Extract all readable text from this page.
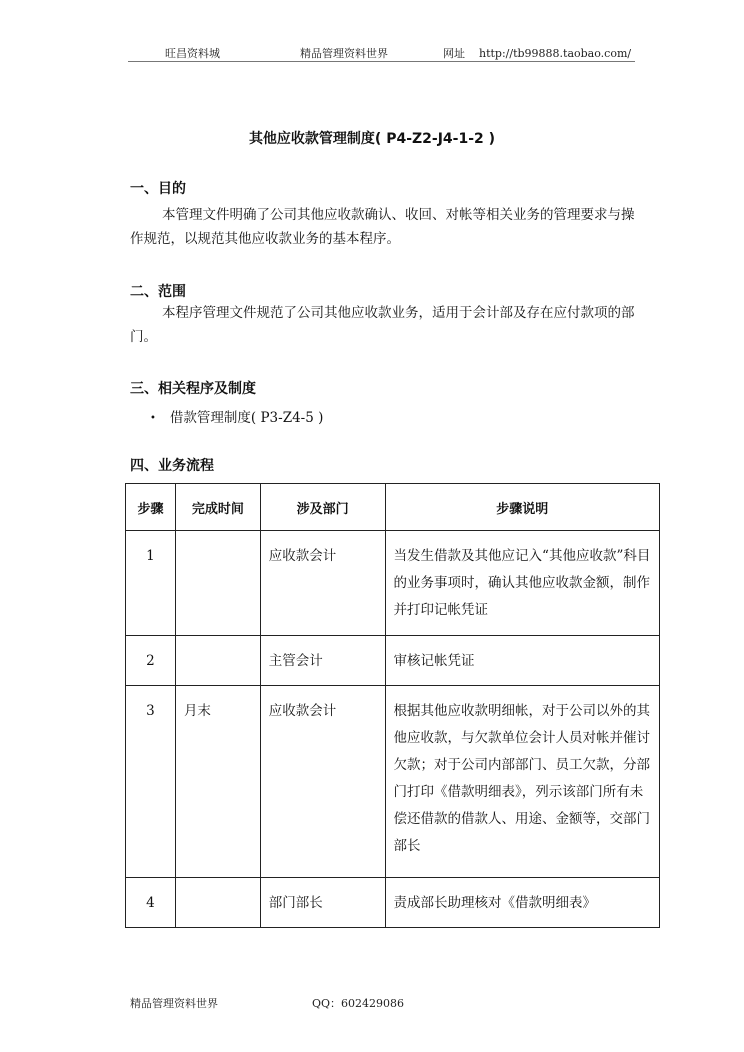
旺昌资料城	精品管理资料世界	网址 http://tb99888.taobao.com/
其他应收款管理制度( P4-Z2-J4-1-2 )
一、目的
本管理文件明确了公司其他应收款确认、收回、对帐等相关业务的管理要求与操作规范，以规范其他应收款业务的基本程序。
二、范围
本程序管理文件规范了公司其他应收款业务，适用于会计部及存在应付款项的部门。
三、相关程序及制度
• 借款管理制度( P3-Z4-5 )
四、业务流程
步骤	完成时间	涉及部门	步骤说明
1		应收款会计	当发生借款及其他应记入“其他应收款”科目的业务事项时，确认其他应收款金额，制作并打印记帐凭证
2		主管会计	审核记帐凭证
3	月末	应收款会计	根据其他应收款明细帐，对于公司以外的其他应收款，与欠款单位会计人员对帐并催讨欠款；对于公司内部部门、员工欠款，分部门打印《借款明细表》，列示该部门所有未偿还借款的借款人、用途、金额等，交部门部长
4		部门部长	责成部长助理核对《借款明细表》
精品管理资料世界	QQ：602429086
